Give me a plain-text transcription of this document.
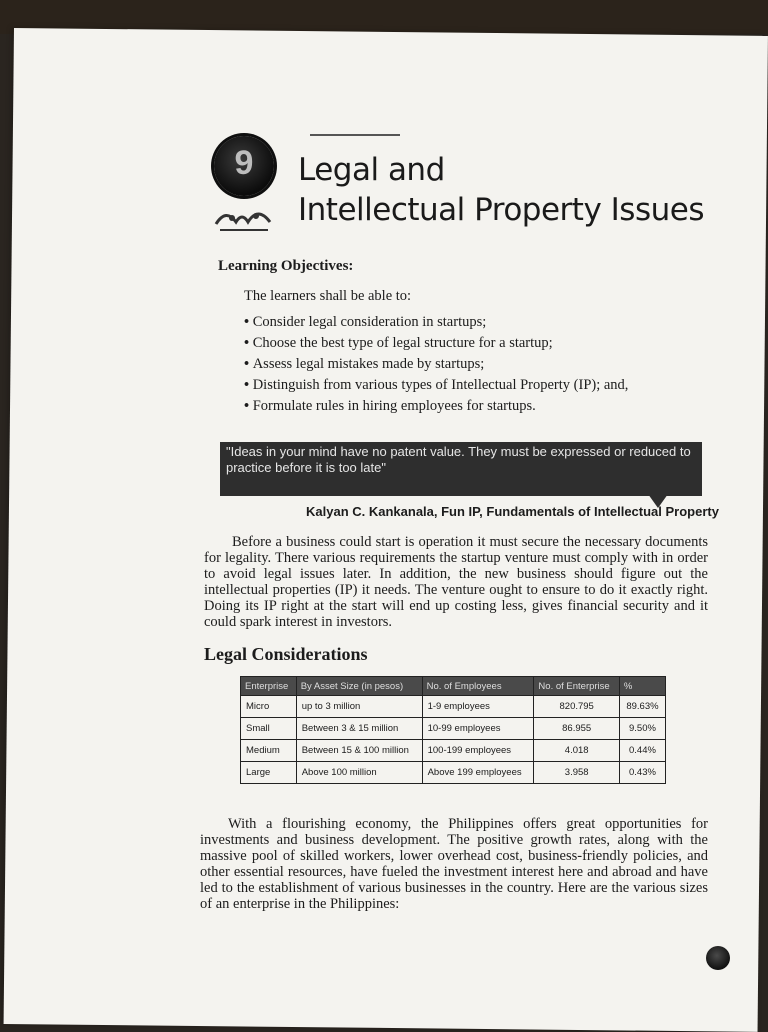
9	Legal and
Intellectual Property Issues
Learning Objectives:
The learners shall be able to:
• Consider legal consideration in startups;
• Choose the best type of legal structure for a startup;
• Assess legal mistakes made by startups;
• Distinguish from various types of Intellectual Property (IP); and,
• Formulate rules in hiring employees for startups.
"Ideas in your mind have no patent value. They must be expressed or reduced to practice before it is too late"
Kalyan C. Kankanala, Fun IP, Fundamentals of Intellectual Property
Before a business could start is operation it must secure the necessary documents for legality. There various requirements the startup venture must comply with in order to avoid legal issues later. In addition, the new business should figure out the intellectual properties (IP) it needs. The venture ought to ensure to do it exactly right. Doing its IP right at the start will end up costing less, gives financial security and it could spark interest in investors.
Legal Considerations
Enterprise	By Asset Size (in pesos)	No. of Employees	No. of Enterprise	%
Micro	up to 3 million	1-9 employees	820.795	89.63%
Small	Between 3 & 15 million	10-99 employees	86.955	9.50%
Medium	Between 15 & 100 million	100-199 employees	4.018	0.44%
Large	Above 100 million	Above 199 employees	3.958	0.43%
With a flourishing economy, the Philippines offers great opportunities for investments and business development. The positive growth rates, along with the massive pool of skilled workers, lower overhead cost, business-friendly policies, and other essential resources, have fueled the investment interest here and abroad and have led to the establishment of various businesses in the country. Here are the various sizes of an enterprise in the Philippines:
